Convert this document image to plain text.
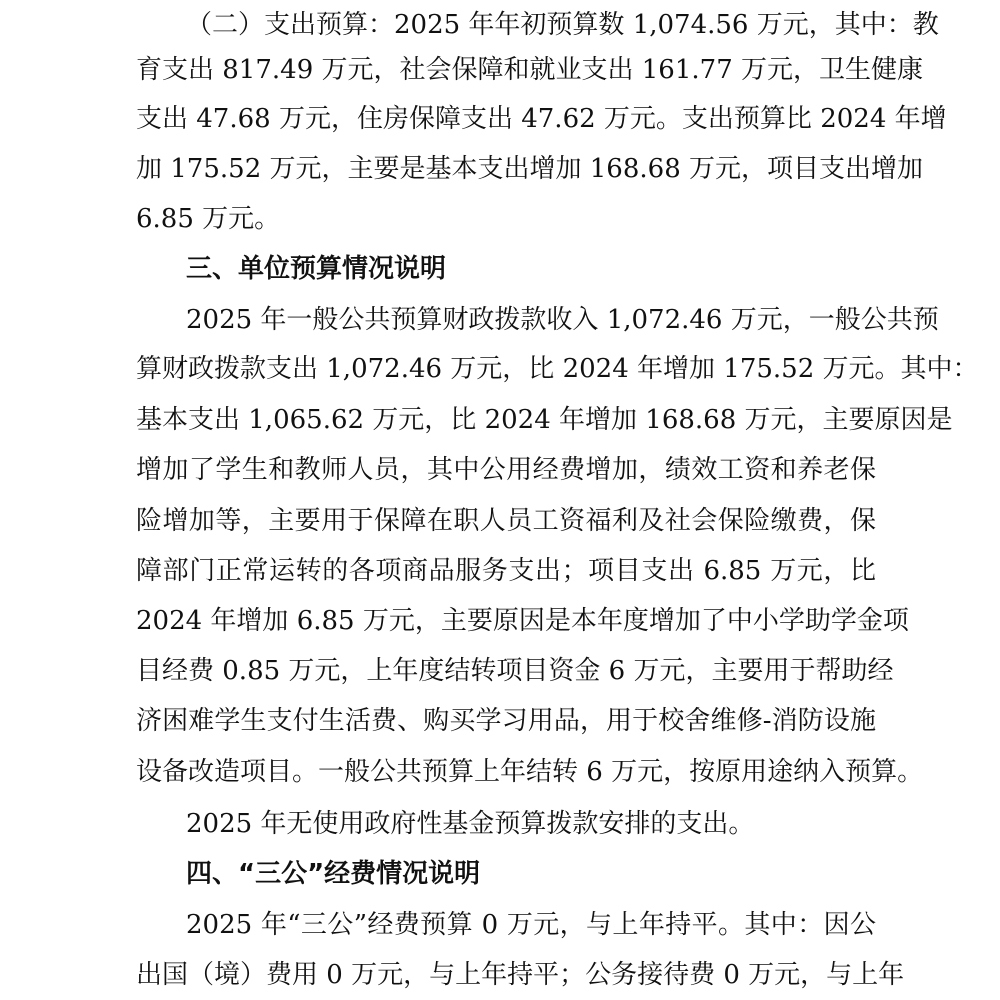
（二）支出预算：2025 年年初预算数 1,074.56 万元，其中：教
育支出 817.49 万元，社会保障和就业支出 161.77 万元，卫生健康
支出 47.68 万元，住房保障支出 47.62 万元。支出预算比 2024 年增
加 175.52 万元，主要是基本支出增加 168.68 万元，项目支出增加
6.85 万元。
三、单位预算情况说明
2025 年一般公共预算财政拨款收入 1,072.46 万元，一般公共预
算财政拨款支出 1,072.46 万元，比 2024 年增加 175.52 万元。其中：
基本支出 1,065.62 万元，比 2024 年增加 168.68 万元，主要原因是
增加了学生和教师人员，其中公用经费增加，绩效工资和养老保
险增加等，主要用于保障在职人员工资福利及社会保险缴费，保
障部门正常运转的各项商品服务支出；项目支出 6.85 万元，比
2024 年增加 6.85 万元，主要原因是本年度增加了中小学助学金项
目经费 0.85 万元，上年度结转项目资金 6 万元，主要用于帮助经
济困难学生支付生活费、购买学习用品，用于校舍维修-消防设施
设备改造项目。一般公共预算上年结转 6 万元，按原用途纳入预算。
2025 年无使用政府性基金预算拨款安排的支出。
四、“三公”经费情况说明
2025 年“三公”经费预算 0 万元，与上年持平。其中：因公
出国（境）费用 0 万元，与上年持平；公务接待费 0 万元，与上年
